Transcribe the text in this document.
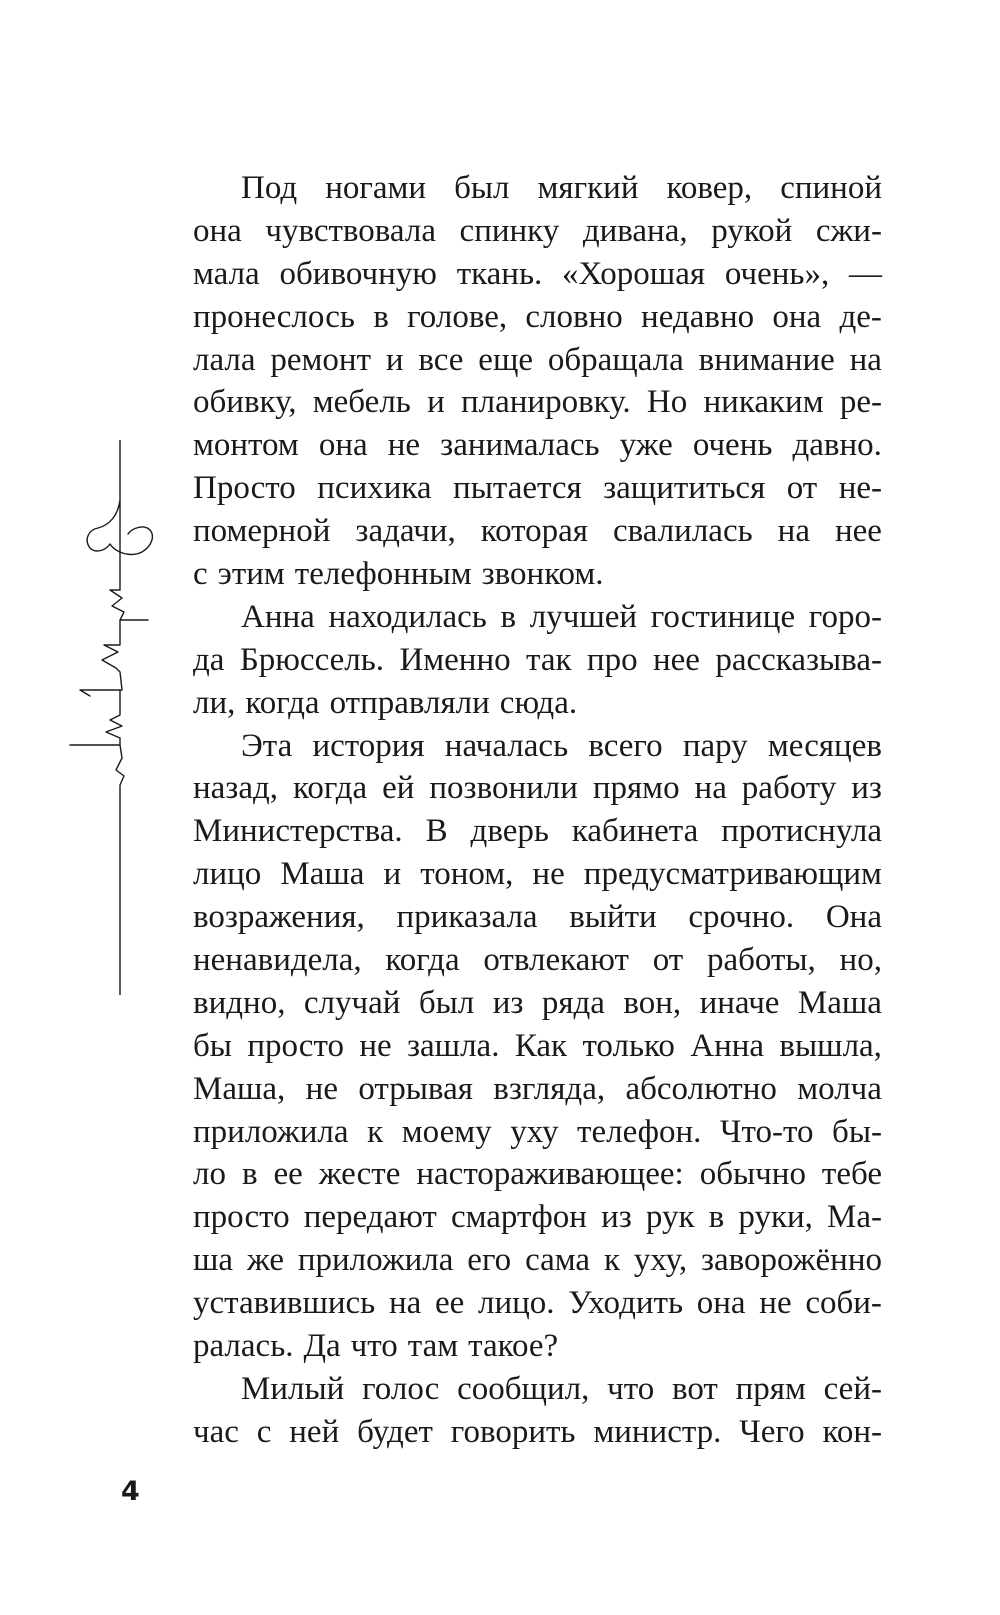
Под ногами был мягкий ковер, спиной
она чувствовала спинку дивана, рукой сжи-
мала обивочную ткань. «Хорошая очень», —
пронеслось в голове, словно недавно она де-
лала ремонт и все еще обращала внимание на
обивку, мебель и планировку. Но никаким ре-
монтом она не занималась уже очень давно.
Просто психика пытается защититься от не-
померной задачи, которая свалилась на нее
с этим телефонным звонком.
Анна находилась в лучшей гостинице горо-
да Брюссель. Именно так про нее рассказыва-
ли, когда отправляли сюда.
Эта история началась всего пару месяцев
назад, когда ей позвонили прямо на работу из
Министерства. В дверь кабинета протиснула
лицо Маша и тоном, не предусматривающим
возражения, приказала выйти срочно. Она
ненавидела, когда отвлекают от работы, но,
видно, случай был из ряда вон, иначе Маша
бы просто не зашла. Как только Анна вышла,
Маша, не отрывая взгляда, абсолютно молча
приложила к моему уху телефон. Что-то бы-
ло в ее жесте настораживающее: обычно тебе
просто передают смартфон из рук в руки, Ма-
ша же приложила его сама к уху, заворожённо
уставившись на ее лицо. Уходить она не соби-
ралась. Да что там такое?
Милый голос сообщил, что вот прям сей-
час с ней будет говорить министр. Чего кон-
4
